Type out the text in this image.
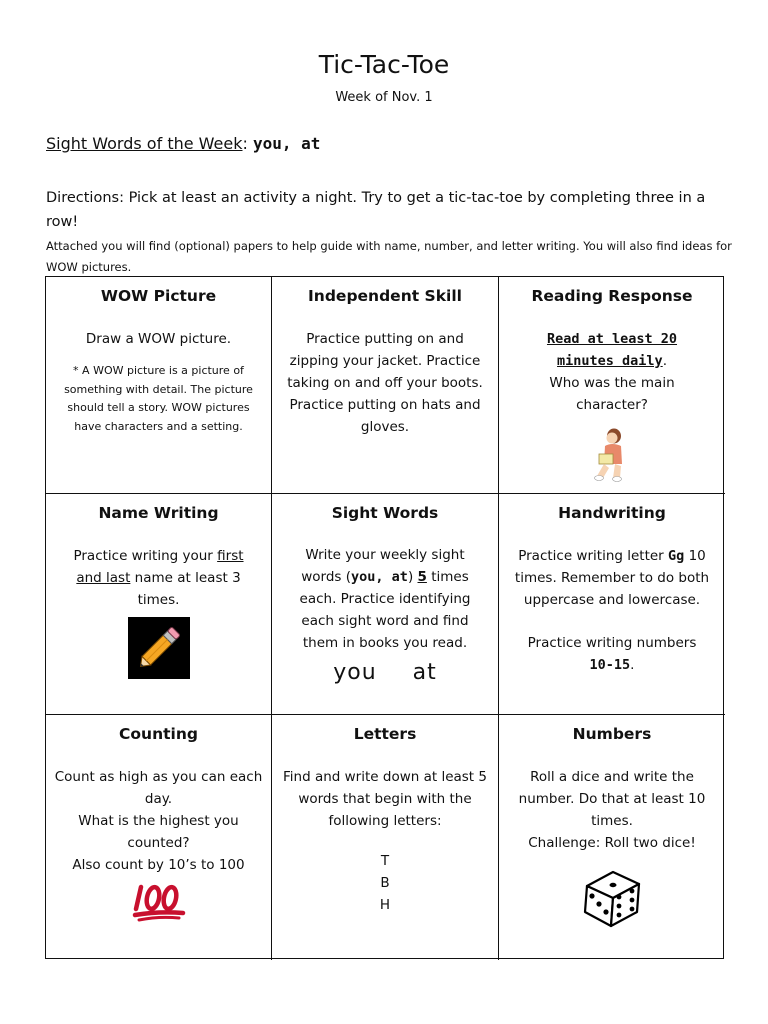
Tic-Tac-Toe
Week of Nov. 1
Sight Words of the Week: you, at
Directions: Pick at least an activity a night. Try to get a tic-tac-toe by completing three in a row!
Attached you will find (optional) papers to help guide with name, number, and letter writing. You will also find ideas for WOW pictures.
WOW Picture
Draw a WOW picture.
* A WOW picture is a picture of something with detail. The picture should tell a story. WOW pictures have characters and a setting.
Independent Skill
Practice putting on and zipping your jacket. Practice taking on and off your boots. Practice putting on hats and gloves.
Reading Response
Read at least 20 minutes daily.
Who was the main character?
Name Writing
Practice writing your first and last name at least 3 times.
Sight Words
Write your weekly sight words (you, at) 5 times each. Practice identifying each sight word and find them in books you read.
you at
Handwriting
Practice writing letter Gg 10 times. Remember to do both uppercase and lowercase.
Practice writing numbers
10-15.
Counting
Count as high as you can each day.
What is the highest you counted?
Also count by 10’s to 100
Letters
Find and write down at least 5 words that begin with the following letters:
T
B
H
Numbers
Roll a dice and write the number. Do that at least 10 times.
Challenge: Roll two dice!
